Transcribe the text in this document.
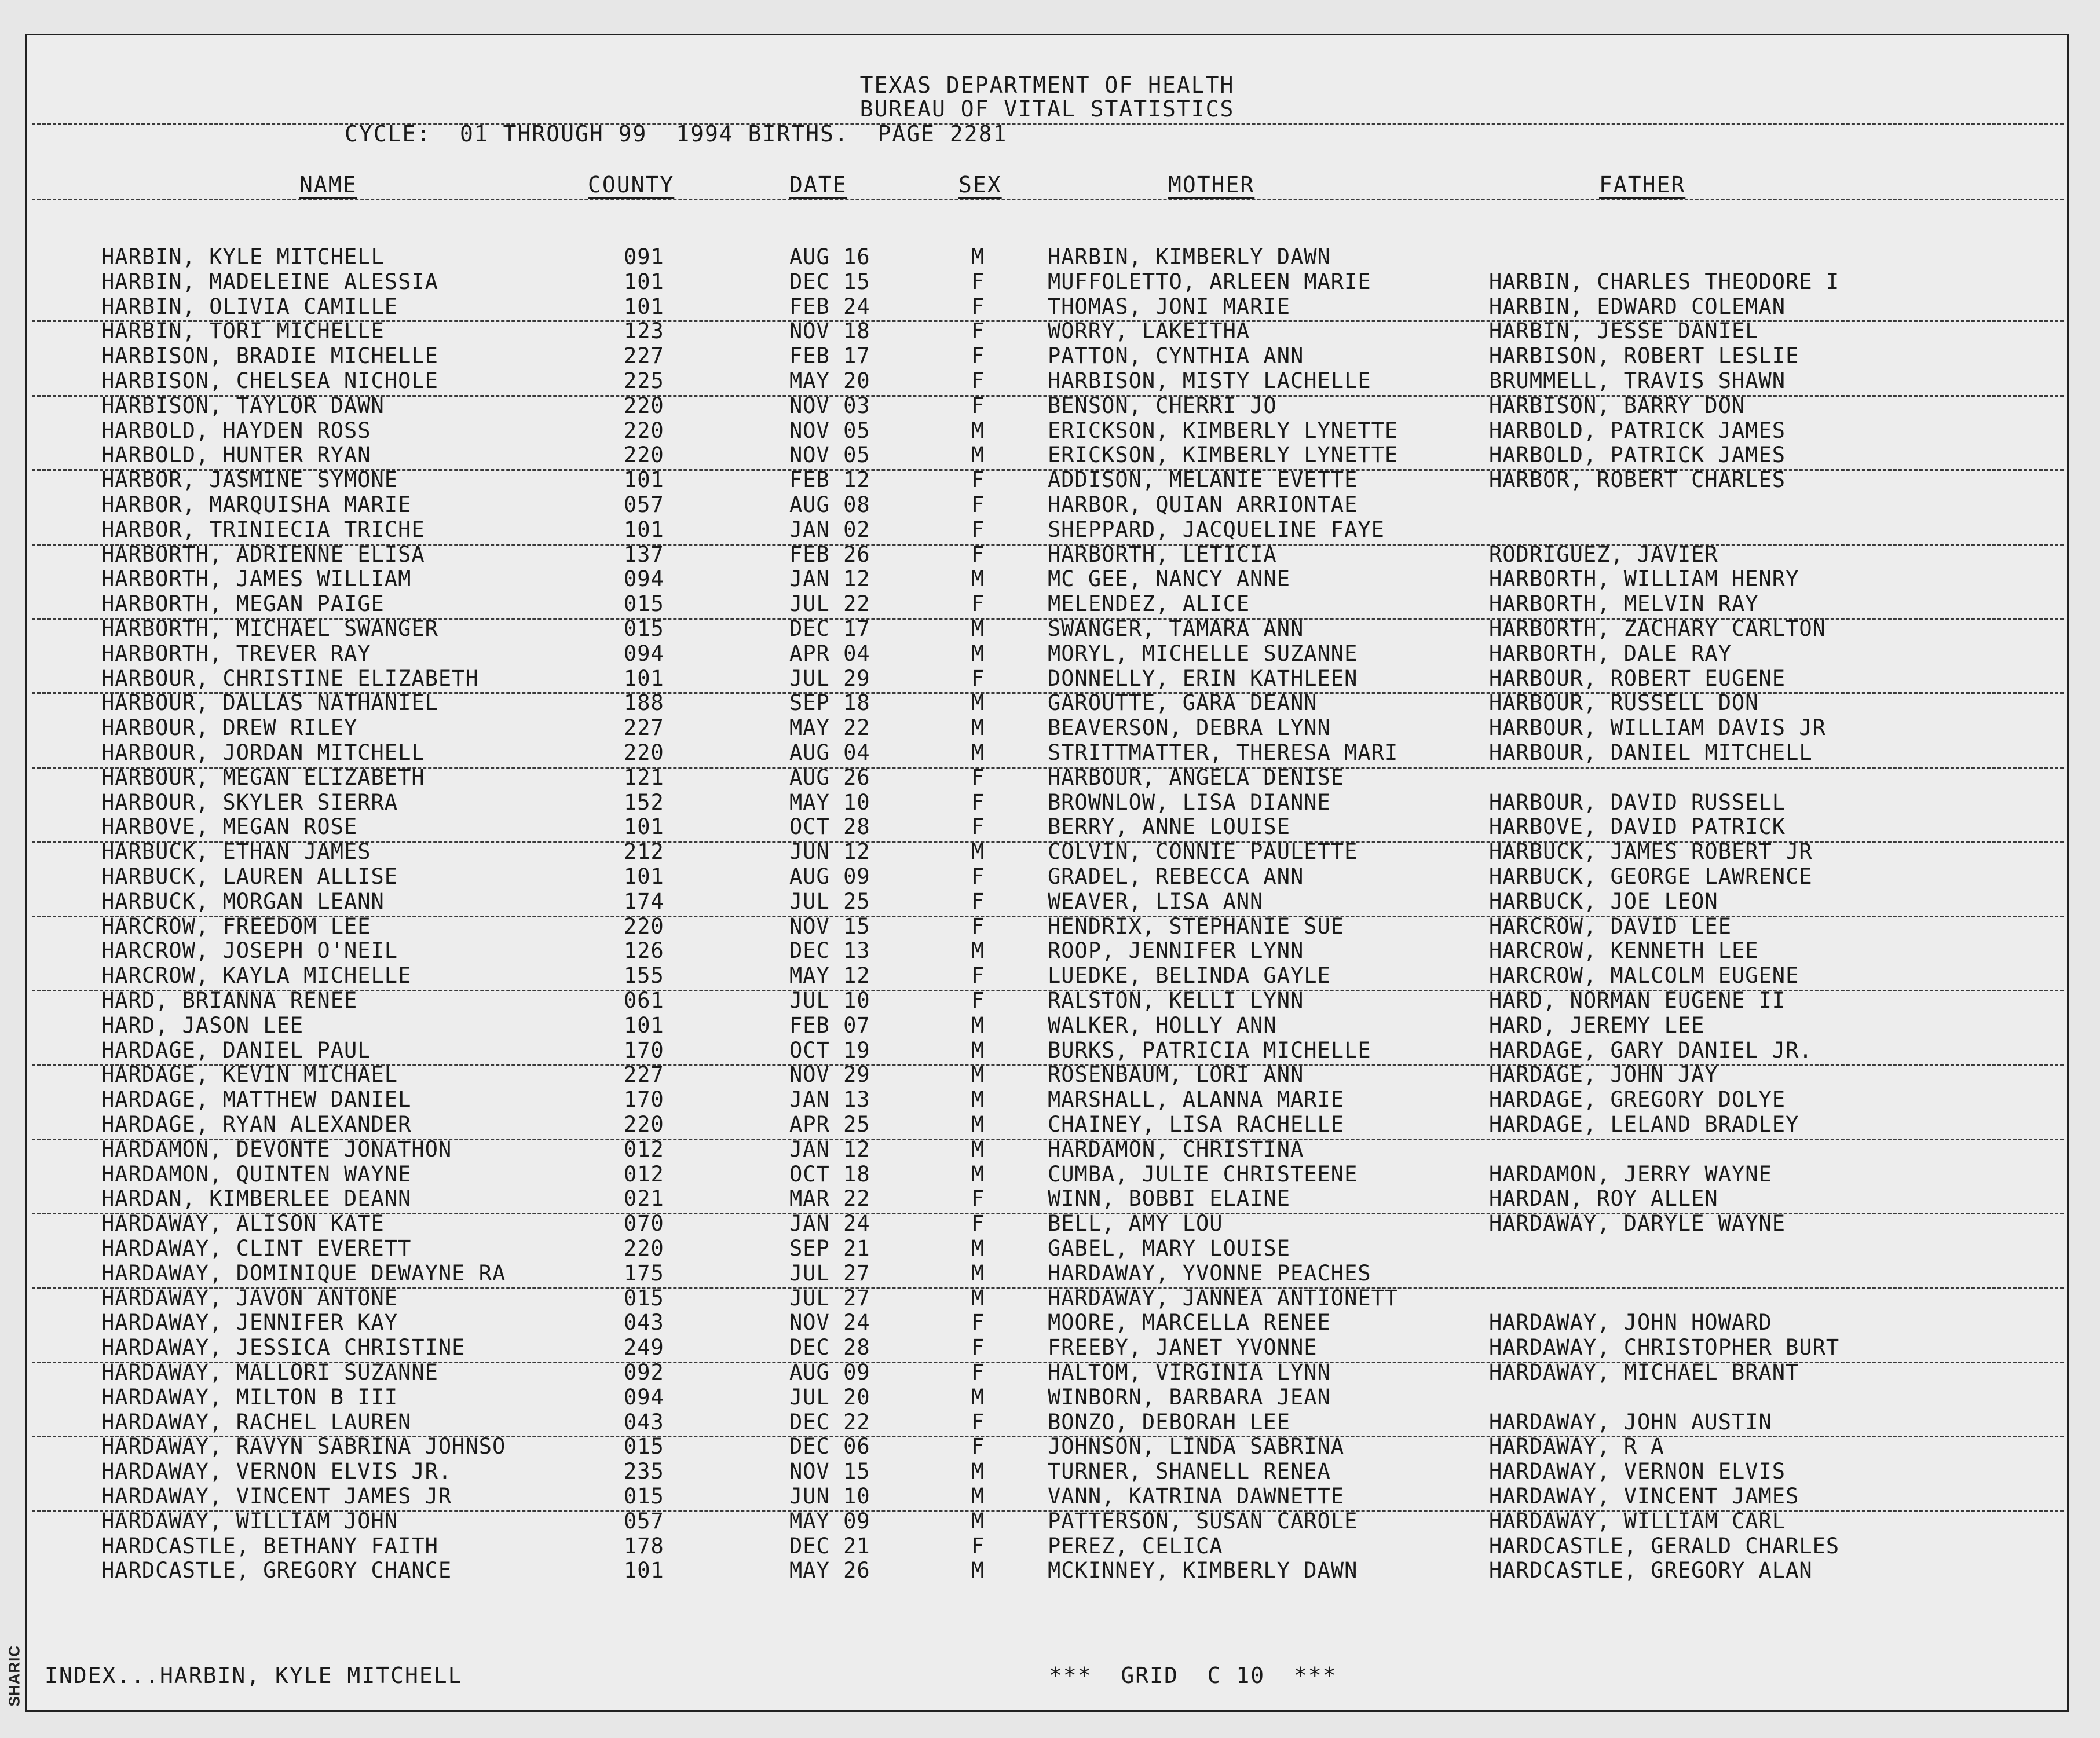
TEXAS DEPARTMENT OF HEALTH
BUREAU OF VITAL STATISTICS
CYCLE:  01 THROUGH 99  1994 BIRTHS.  PAGE 2281
NAME	COUNTY	DATE	SEX	MOTHER	FATHER
HARBIN, KYLE MITCHELL	091	AUG 16	M	HARBIN, KIMBERLY DAWN
HARBIN, MADELEINE ALESSIA	101	DEC 15	F	MUFFOLETTO, ARLEEN MARIE	HARBIN, CHARLES THEODORE I
HARBIN, OLIVIA CAMILLE	101	FEB 24	F	THOMAS, JONI MARIE	HARBIN, EDWARD COLEMAN
HARBIN, TORI MICHELLE	123	NOV 18	F	WORRY, LAKEITHA	HARBIN, JESSE DANIEL
HARBISON, BRADIE MICHELLE	227	FEB 17	F	PATTON, CYNTHIA ANN	HARBISON, ROBERT LESLIE
HARBISON, CHELSEA NICHOLE	225	MAY 20	F	HARBISON, MISTY LACHELLE	BRUMMELL, TRAVIS SHAWN
HARBISON, TAYLOR DAWN	220	NOV 03	F	BENSON, CHERRI JO	HARBISON, BARRY DON
HARBOLD, HAYDEN ROSS	220	NOV 05	M	ERICKSON, KIMBERLY LYNETTE	HARBOLD, PATRICK JAMES
HARBOLD, HUNTER RYAN	220	NOV 05	M	ERICKSON, KIMBERLY LYNETTE	HARBOLD, PATRICK JAMES
HARBOR, JASMINE SYMONE	101	FEB 12	F	ADDISON, MELANIE EVETTE	HARBOR, ROBERT CHARLES
HARBOR, MARQUISHA MARIE	057	AUG 08	F	HARBOR, QUIAN ARRIONTAE
HARBOR, TRINIECIA TRICHE	101	JAN 02	F	SHEPPARD, JACQUELINE FAYE
HARBORTH, ADRIENNE ELISA	137	FEB 26	F	HARBORTH, LETICIA	RODRIGUEZ, JAVIER
HARBORTH, JAMES WILLIAM	094	JAN 12	M	MC GEE, NANCY ANNE	HARBORTH, WILLIAM HENRY
HARBORTH, MEGAN PAIGE	015	JUL 22	F	MELENDEZ, ALICE	HARBORTH, MELVIN RAY
HARBORTH, MICHAEL SWANGER	015	DEC 17	M	SWANGER, TAMARA ANN	HARBORTH, ZACHARY CARLTON
HARBORTH, TREVER RAY	094	APR 04	M	MORYL, MICHELLE SUZANNE	HARBORTH, DALE RAY
HARBOUR, CHRISTINE ELIZABETH	101	JUL 29	F	DONNELLY, ERIN KATHLEEN	HARBOUR, ROBERT EUGENE
HARBOUR, DALLAS NATHANIEL	188	SEP 18	M	GAROUTTE, GARA DEANN	HARBOUR, RUSSELL DON
HARBOUR, DREW RILEY	227	MAY 22	M	BEAVERSON, DEBRA LYNN	HARBOUR, WILLIAM DAVIS JR
HARBOUR, JORDAN MITCHELL	220	AUG 04	M	STRITTMATTER, THERESA MARI	HARBOUR, DANIEL MITCHELL
HARBOUR, MEGAN ELIZABETH	121	AUG 26	F	HARBOUR, ANGELA DENISE
HARBOUR, SKYLER SIERRA	152	MAY 10	F	BROWNLOW, LISA DIANNE	HARBOUR, DAVID RUSSELL
HARBOVE, MEGAN ROSE	101	OCT 28	F	BERRY, ANNE LOUISE	HARBOVE, DAVID PATRICK
HARBUCK, ETHAN JAMES	212	JUN 12	M	COLVIN, CONNIE PAULETTE	HARBUCK, JAMES ROBERT JR
HARBUCK, LAUREN ALLISE	101	AUG 09	F	GRADEL, REBECCA ANN	HARBUCK, GEORGE LAWRENCE
HARBUCK, MORGAN LEANN	174	JUL 25	F	WEAVER, LISA ANN	HARBUCK, JOE LEON
HARCROW, FREEDOM LEE	220	NOV 15	F	HENDRIX, STEPHANIE SUE	HARCROW, DAVID LEE
HARCROW, JOSEPH O'NEIL	126	DEC 13	M	ROOP, JENNIFER LYNN	HARCROW, KENNETH LEE
HARCROW, KAYLA MICHELLE	155	MAY 12	F	LUEDKE, BELINDA GAYLE	HARCROW, MALCOLM EUGENE
HARD, BRIANNA RENEE	061	JUL 10	F	RALSTON, KELLI LYNN	HARD, NORMAN EUGENE II
HARD, JASON LEE	101	FEB 07	M	WALKER, HOLLY ANN	HARD, JEREMY LEE
HARDAGE, DANIEL PAUL	170	OCT 19	M	BURKS, PATRICIA MICHELLE	HARDAGE, GARY DANIEL JR.
HARDAGE, KEVIN MICHAEL	227	NOV 29	M	ROSENBAUM, LORI ANN	HARDAGE, JOHN JAY
HARDAGE, MATTHEW DANIEL	170	JAN 13	M	MARSHALL, ALANNA MARIE	HARDAGE, GREGORY DOLYE
HARDAGE, RYAN ALEXANDER	220	APR 25	M	CHAINEY, LISA RACHELLE	HARDAGE, LELAND BRADLEY
HARDAMON, DEVONTE JONATHON	012	JAN 12	M	HARDAMON, CHRISTINA
HARDAMON, QUINTEN WAYNE	012	OCT 18	M	CUMBA, JULIE CHRISTEENE	HARDAMON, JERRY WAYNE
HARDAN, KIMBERLEE DEANN	021	MAR 22	F	WINN, BOBBI ELAINE	HARDAN, ROY ALLEN
HARDAWAY, ALISON KATE	070	JAN 24	F	BELL, AMY LOU	HARDAWAY, DARYLE WAYNE
HARDAWAY, CLINT EVERETT	220	SEP 21	M	GABEL, MARY LOUISE
HARDAWAY, DOMINIQUE DEWAYNE RA	175	JUL 27	M	HARDAWAY, YVONNE PEACHES
HARDAWAY, JAVON ANTONE	015	JUL 27	M	HARDAWAY, JANNEA ANTIONETT
HARDAWAY, JENNIFER KAY	043	NOV 24	F	MOORE, MARCELLA RENEE	HARDAWAY, JOHN HOWARD
HARDAWAY, JESSICA CHRISTINE	249	DEC 28	F	FREEBY, JANET YVONNE	HARDAWAY, CHRISTOPHER BURT
HARDAWAY, MALLORI SUZANNE	092	AUG 09	F	HALTOM, VIRGINIA LYNN	HARDAWAY, MICHAEL BRANT
HARDAWAY, MILTON B III	094	JUL 20	M	WINBORN, BARBARA JEAN
HARDAWAY, RACHEL LAUREN	043	DEC 22	F	BONZO, DEBORAH LEE	HARDAWAY, JOHN AUSTIN
HARDAWAY, RAVYN SABRINA JOHNSO	015	DEC 06	F	JOHNSON, LINDA SABRINA	HARDAWAY, R A
HARDAWAY, VERNON ELVIS JR.	235	NOV 15	M	TURNER, SHANELL RENEA	HARDAWAY, VERNON ELVIS
HARDAWAY, VINCENT JAMES JR	015	JUN 10	M	VANN, KATRINA DAWNETTE	HARDAWAY, VINCENT JAMES
HARDAWAY, WILLIAM JOHN	057	MAY 09	M	PATTERSON, SUSAN CAROLE	HARDAWAY, WILLIAM CARL
HARDCASTLE, BETHANY FAITH	178	DEC 21	F	PEREZ, CELICA	HARDCASTLE, GERALD CHARLES
HARDCASTLE, GREGORY CHANCE	101	MAY 26	M	MCKINNEY, KIMBERLY DAWN	HARDCASTLE, GREGORY ALAN
INDEX...HARBIN, KYLE MITCHELL	***  GRID  C 10  ***
SHARIC
